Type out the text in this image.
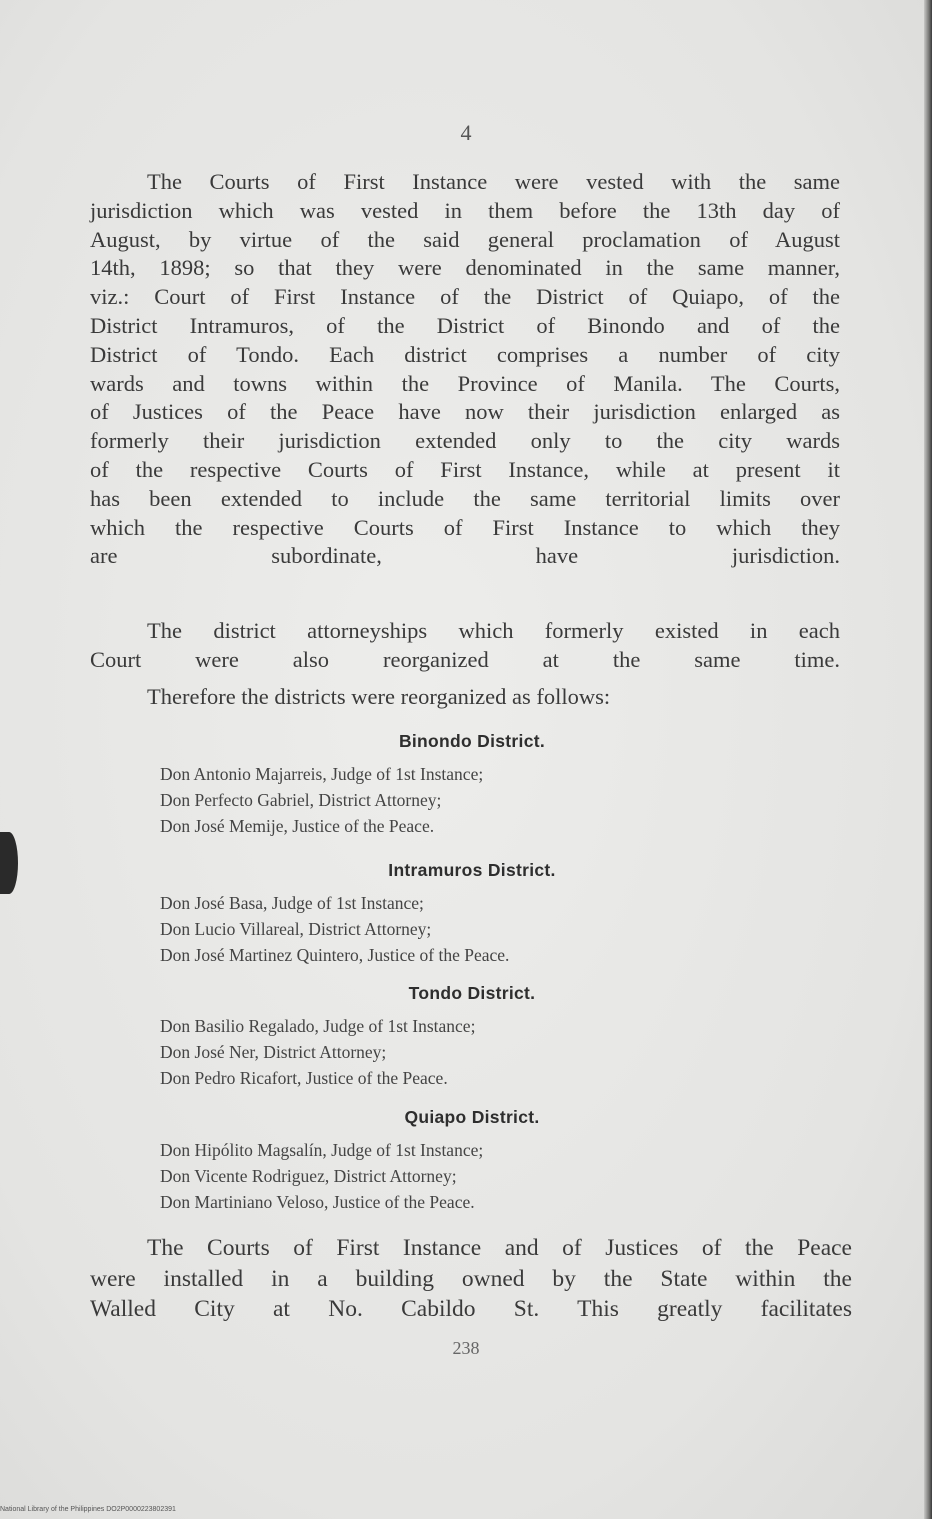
4

The Courts of First Instance were vested with the same
jurisdiction which was vested in them before the 13th day of
August, by virtue of the said general proclamation of August
14th, 1898; so that they were denominated in the same manner,
viz.: Court of First Instance of the District of Quiapo, of the
District Intramuros, of the District of Binondo and of the
District of Tondo. Each district comprises a number of city
wards and towns within the Province of Manila. The Courts,
of Justices of the Peace have now their jurisdiction enlarged as
formerly their jurisdiction extended only to the city wards
of the respective Courts of First Instance, while at present it
has been extended to include the same territorial limits over
which the respective Courts of First Instance to which they
are subordinate, have jurisdiction.

The district attorneyships which formerly existed in each
Court were also reorganized at the same time.

Therefore the districts were reorganized as follows:

Binondo District.
Don Antonio Majarreis, Judge of 1st Instance;
Don Perfecto Gabriel, District Attorney;
Don José Memije, Justice of the Peace.
Intramuros District.
Don José Basa, Judge of 1st Instance;
Don Lucio Villareal, District Attorney;
Don José Martinez Quintero, Justice of the Peace.
Tondo District.
Don Basilio Regalado, Judge of 1st Instance;
Don José Ner, District Attorney;
Don Pedro Ricafort, Justice of the Peace.
Quiapo District.
Don Hipólito Magsalín, Judge of 1st Instance;
Don Vicente Rodriguez, District Attorney;
Don Martiniano Veloso, Justice of the Peace.

The Courts of First Instance and of Justices of the Peace
were installed in a building owned by the State within the
Walled City at No. Cabildo St. This greatly facilitates

238
National Library of the Philippines DO2P0000223802391
